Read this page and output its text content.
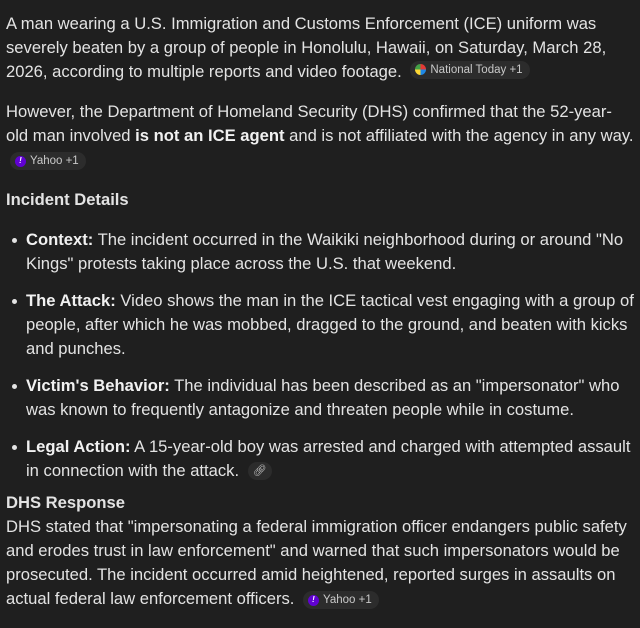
A man wearing a U.S. Immigration and Customs Enforcement (ICE) uniform was severely beaten by a group of people in Honolulu, Hawaii, on Saturday, March 28, 2026, according to multiple reports and video footage. National Today +1

However, the Department of Homeland Security (DHS) confirmed that the 52-year-old man involved is not an ICE agent and is not affiliated with the agency in any way.
! Yahoo +1

Incident Details
Context: The incident occurred in the Waikiki neighborhood during or around "No Kings" protests taking place across the U.S. that weekend.
The Attack: Video shows the man in the ICE tactical vest engaging with a group of people, after which he was mobbed, dragged to the ground, and beaten with kicks and punches.
Victim's Behavior: The individual has been described as an "impersonator" who was known to frequently antagonize and threaten people while in costume.
Legal Action: A 15-year-old boy was arrested and charged with attempted assault in connection with the attack. 🔗︎
DHS Response

DHS stated that "impersonating a federal immigration officer endangers public safety and erodes trust in law enforcement" and warned that such impersonators would be prosecuted. The incident occurred amid heightened, reported surges in assaults on actual federal law enforcement officers.	! Yahoo +1
